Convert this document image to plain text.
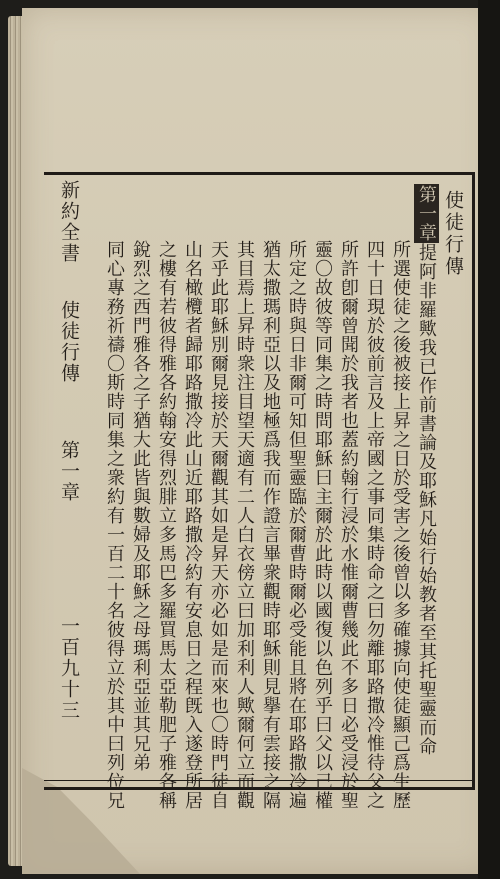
使徒行傳
第一章提阿非羅歟我已作前書論及耶穌凡始行始教者至其托聖靈而命
所選使徒之後被接上昇之日於受害之後曾以多確據向使徒顯己爲生歷
四十日現於彼前言及上帝國之事同集時命之曰勿離耶路撒冷惟待父之
所許卽爾曾聞於我者也蓋約翰行浸於水惟爾曹幾此不多日必受浸於聖
靈〇故彼等同集之時問耶穌曰主爾於此時以國復以色列乎曰父以己權
所定之時與日非爾可知但聖靈臨於爾曹時爾必受能且將在耶路撒冷遍
猶太撒瑪利亞以及地極爲我而作證言畢衆觀時耶穌則見擧有雲接之隔
其目焉上昇時衆注目望天適有二人白衣傍立曰加利利人歟爾何立而觀
天乎此耶穌別爾見接於天爾觀其如是昇天亦必如是而來也〇時門徒自
山名橄欖者歸耶路撒冷此山近耶路撒冷約有安息日之程旣入遂登所居
之樓有若彼得雅各約翰安得烈腓立多馬巴多羅買馬太亞勒肥子雅各稱
銳烈之西門雅各之子猶大此皆與數婦及耶穌之母瑪利亞並其兄弟
同心專務祈禱〇斯時同集之衆約有一百二十名彼得立於其中曰列位兄
新約全書
使徒行傳
第一章
一百九十三
